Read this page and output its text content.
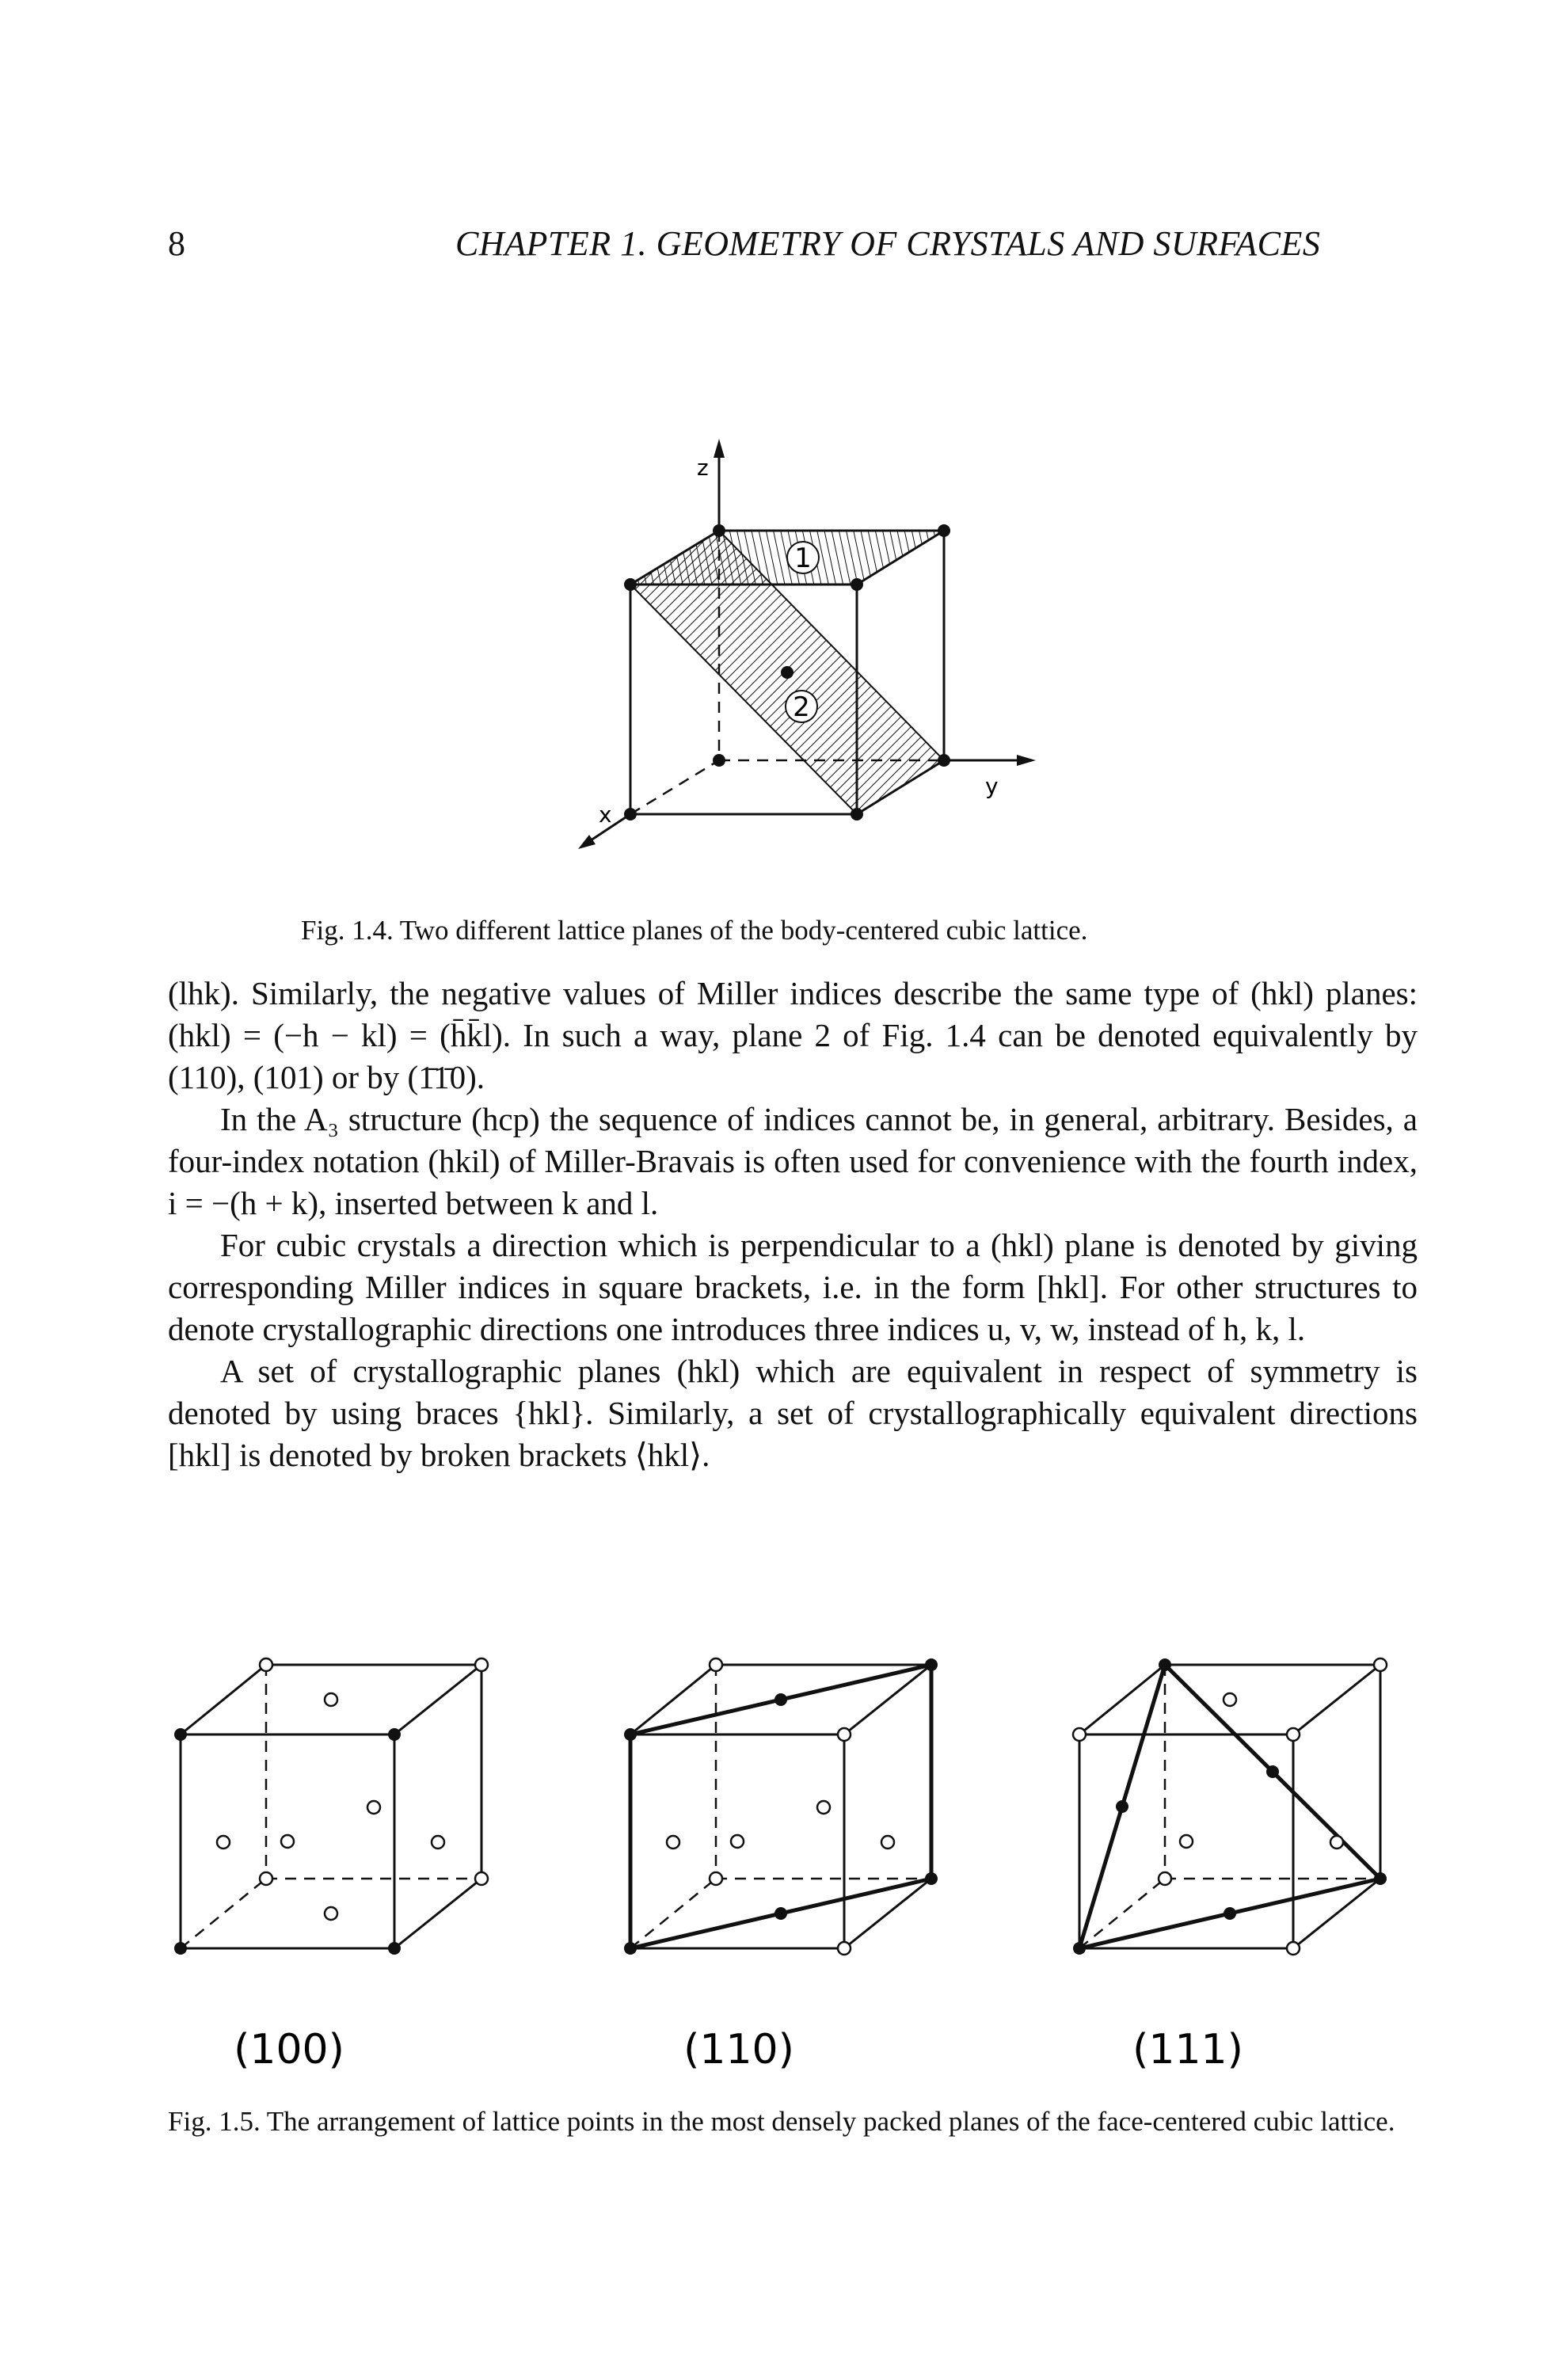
8	CHAPTER 1. GEOMETRY OF CRYSTALS AND SURFACES
1
2
z
y
x
Fig. 1.4. Two different lattice planes of the body-centered cubic lattice.

(lhk). Similarly, the negative values of Miller indices describe the same type of (hkl) planes: (hkl) = (−h − kl) = (h̄k̄l). In such a way, plane 2 of Fig. 1.4 can be denoted equivalently by (110), (101) or by (1̄1̄0).

In the A₃ structure (hcp) the sequence of indices cannot be, in general, arbitrary. Besides, a four-index notation (hkil) of Miller-Bravais is often used for convenience with the fourth index, i = −(h + k), inserted between k and l.

For cubic crystals a direction which is perpendicular to a (hkl) plane is denoted by giving corresponding Miller indices in square brackets, i.e. in the form [hkl]. For other structures to denote crystallographic directions one introduces three indices u, v, w, instead of h, k, l.

A set of crystallographic planes (hkl) which are equivalent in respect of symmetry is denoted by using braces {hkl}. Similarly, a set of crystallographically equivalent directions [hkl] is denoted by broken brackets ⟨hkl⟩.

(100)	(110)	(111)
Fig. 1.5. The arrangement of lattice points in the most densely packed planes of the face-centered cubic lattice.
